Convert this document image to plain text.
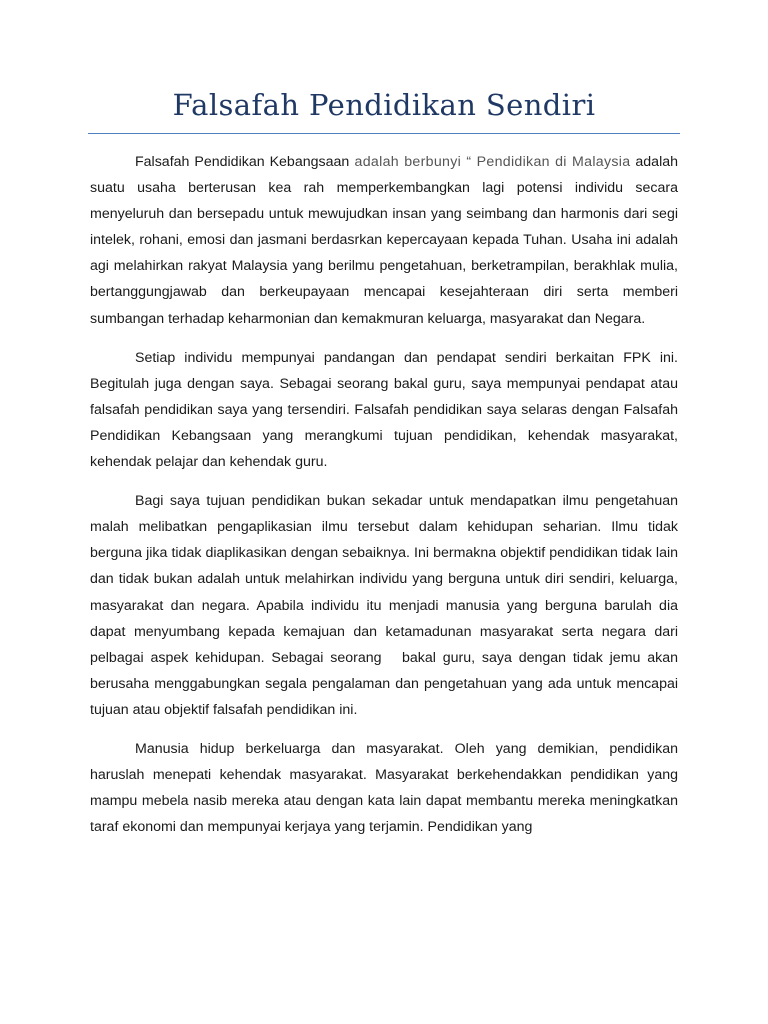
Falsafah Pendidikan Sendiri

Falsafah Pendidikan Kebangsaan adalah berbunyi “ Pendidikan di Malaysia adalah suatu usaha berterusan kea rah memperkembangkan lagi potensi individu secara menyeluruh dan bersepadu untuk mewujudkan insan yang seimbang dan harmonis dari segi intelek, rohani, emosi dan jasmani berdasrkan kepercayaan kepada Tuhan. Usaha ini adalah agi melahirkan rakyat Malaysia yang berilmu pengetahuan, berketrampilan, berakhlak mulia, bertanggungjawab dan berkeupayaan mencapai kesejahteraan diri serta memberi sumbangan terhadap keharmonian dan kemakmuran keluarga, masyarakat dan Negara.

Setiap individu mempunyai pandangan dan pendapat sendiri berkaitan FPK ini. Begitulah juga dengan saya. Sebagai seorang bakal guru, saya mempunyai pendapat atau falsafah pendidikan saya yang tersendiri. Falsafah pendidikan saya selaras dengan Falsafah Pendidikan Kebangsaan yang merangkumi tujuan pendidikan, kehendak masyarakat, kehendak pelajar dan kehendak guru.

Bagi saya tujuan pendidikan bukan sekadar untuk mendapatkan ilmu pengetahuan malah melibatkan pengaplikasian ilmu tersebut dalam kehidupan seharian. Ilmu tidak berguna jika tidak diaplikasikan dengan sebaiknya. Ini bermakna objektif pendidikan tidak lain dan tidak bukan adalah untuk melahirkan individu yang berguna untuk diri sendiri, keluarga, masyarakat dan negara. Apabila individu itu menjadi manusia yang berguna barulah dia dapat menyumbang kepada kemajuan dan ketamadunan masyarakat serta negara dari pelbagai aspek kehidupan. Sebagai seorang   bakal guru, saya dengan tidak jemu akan berusaha menggabungkan segala pengalaman dan pengetahuan yang ada untuk mencapai tujuan atau objektif falsafah pendidikan ini.

Manusia hidup berkeluarga dan masyarakat. Oleh yang demikian, pendidikan haruslah menepati kehendak masyarakat. Masyarakat berkehendakkan pendidikan yang mampu mebela nasib mereka atau dengan kata lain dapat membantu mereka meningkatkan taraf ekonomi dan mempunyai kerjaya yang terjamin. Pendidikan yang
